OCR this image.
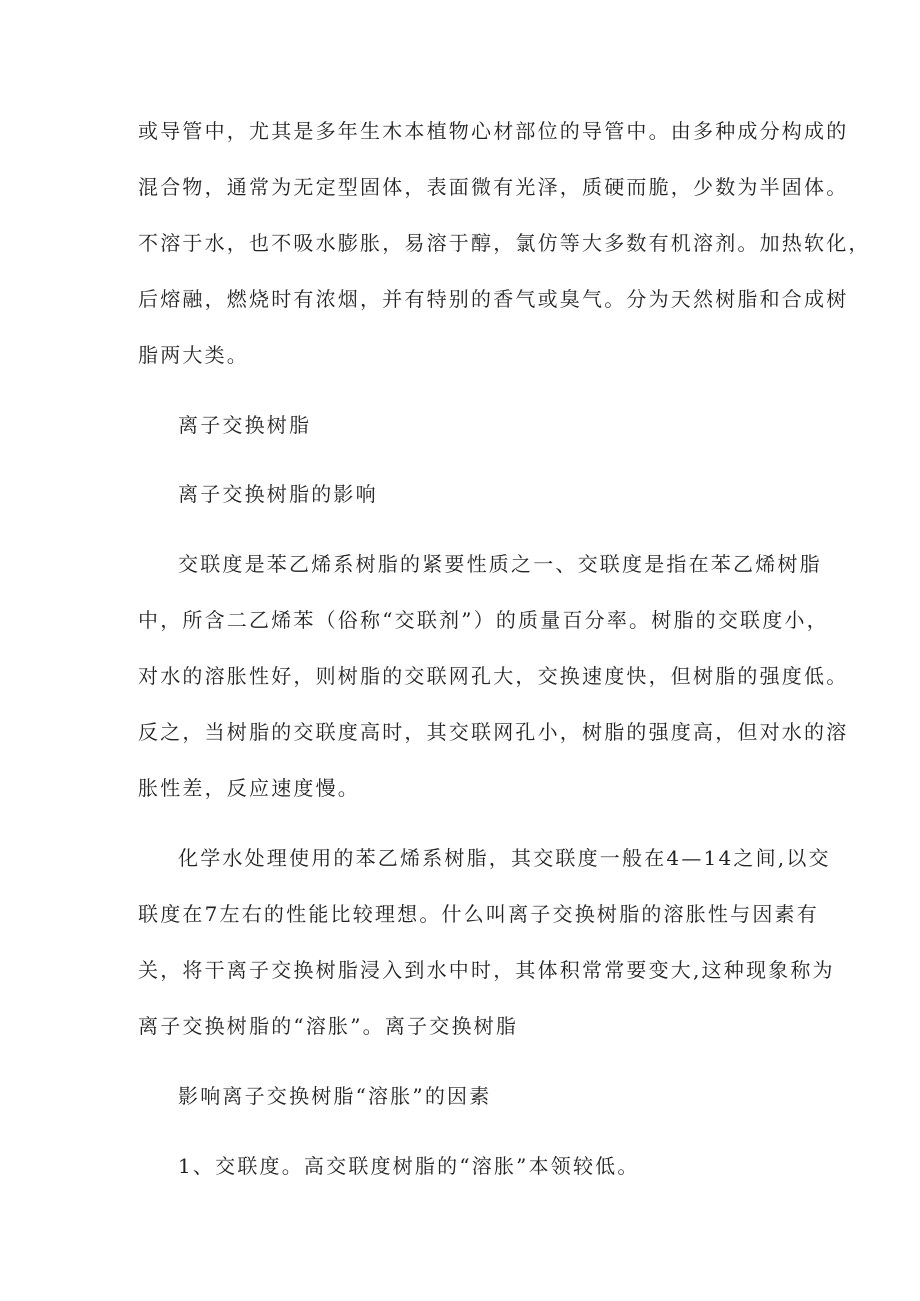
或导管中，尤其是多年生木本植物心材部位的导管中。由多种成分构成的
混合物，通常为无定型固体，表面微有光泽，质硬而脆，少数为半固体。
不溶于水，也不吸水膨胀，易溶于醇，氯仿等大多数有机溶剂。加热软化，
后熔融，燃烧时有浓烟，并有特别的香气或臭气。分为天然树脂和合成树
脂两大类。
离子交换树脂
离子交换树脂的影响
交联度是苯乙烯系树脂的紧要性质之一、交联度是指在苯乙烯树脂
中，所含二乙烯苯（俗称“交联剂”）的质量百分率。树脂的交联度小，
对水的溶胀性好，则树脂的交联网孔大，交换速度快，但树脂的强度低。
反之，当树脂的交联度高时，其交联网孔小，树脂的强度高，但对水的溶
胀性差，反应速度慢。
化学水处理使用的苯乙烯系树脂，其交联度一般在4—14之间,以交
联度在7左右的性能比较理想。什么叫离子交换树脂的溶胀性与因素有
关，将干离子交换树脂浸入到水中时，其体积常常要变大,这种现象称为
离子交换树脂的“溶胀”。离子交换树脂
影响离子交换树脂“溶胀”的因素
1、交联度。高交联度树脂的“溶胀”本领较低。
